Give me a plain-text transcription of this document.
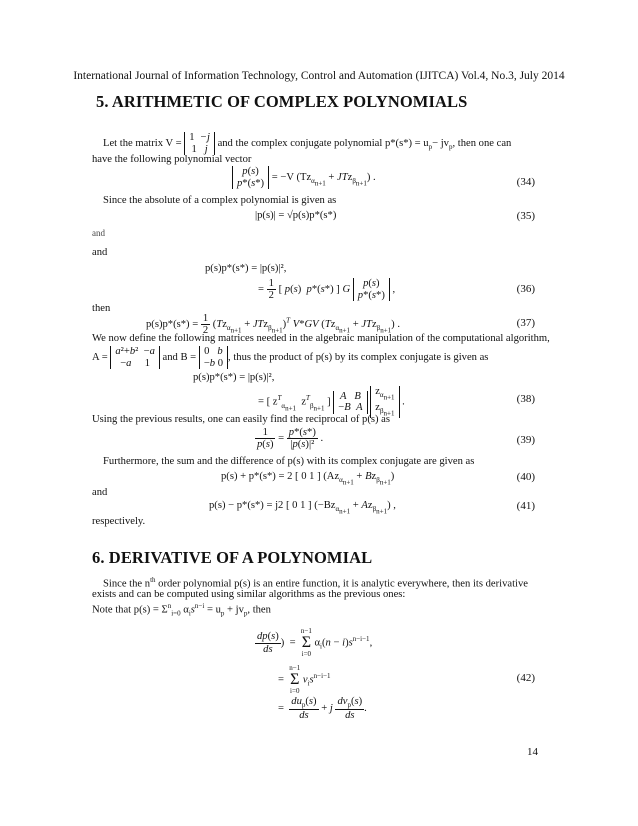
International Journal of Information Technology, Control and Automation (IJITCA) Vol.4, No.3, July 2014
5. ARITHMETIC OF COMPLEX POLYNOMIALS
Let the matrix V = 1  −j
1   j and the complex conjugate polynomial $p*(s*) = u_p- jv_p$, then one can
have the following polynomial vector
p(s)
p*(s*) = −V $(Tz_{\alpha_{n+1}} + JTz_{\beta_{n+1}})$ .	(34)
Since the absolute of a complex polynomial is given as
|p(s)| = √p(s)p*(s*)	(35)
and
and
p(s)p*(s*) = |p(s)|²,
= $\frac{1}{2}$ [ p(s)  p*(s*) ] G p(s)
p*(s*) ,	(36)
then
$p(s)p*(s*) = \frac{1}{2} (Tz_{\alpha_{n+1}} + JTz_{\beta_{n+1}})^T$ V*GV $(Tz_{\alpha_{n+1}} + JTz_{\beta_{n+1}})$ .	(37)
We now define the following matrices needed in the algebraic manipulation of the computational algorithm,
A = a²+b²  −a
−a     1 and B = 0   b
−b 0, thus the product of p(s) by its complex conjugate is given as
p(s)p*(s*) = |p(s)|²,
= [ $z^T_{\alpha_{n+1}}$  $z^T_{\beta_{n+1}}$ ] A B
−B A $z_{\alpha_{n+1}}$
$z_{\beta_{n+1}}$ .	(38)
Using the previous results, one can easily find the reciprocal of p(s) as
$\frac{1}{p(s)} = \frac{p*(s*)}{\text{|p(s)|²}}$ .	(39)
Furthermore, the sum and the difference of p(s) with its complex conjugate are given as
p(s) + p*(s*) = 2 [ 0 1 ] $(Az_{\alpha_{n+1}} + Bz_{\beta_{n+1}})$	(40)
and
p(s) − p*(s*) = j2 [ 0 1 ] $(-Bz_{\alpha_{n+1}} + Az_{\beta_{n+1}})$ ,	(41)
respectively.
6. DERIVATIVE OF A POLYNOMIAL
Since the $n^{th}$ order polynomial p(s) is an entire function, it is analytic everywhere, then its derivative
exists and can be computed using similar algorithms as the previous ones:
Note that $p(s) = \Sigma^n_{i=0}$ $\alpha_is^{n-i} = u_p + jv_p$, then
$\frac{dp(s)}{ds}$ )  =  n−1
Σ
i=0 $\alpha_i(n - i)s^{n-i-1}$,
=  n−1
Σ
i=0 $v_is^{n-i-1}$	(42)
= $\frac{du_p(s)}{ds} + j \frac{dv_p(s)}{ds}$ .
14
